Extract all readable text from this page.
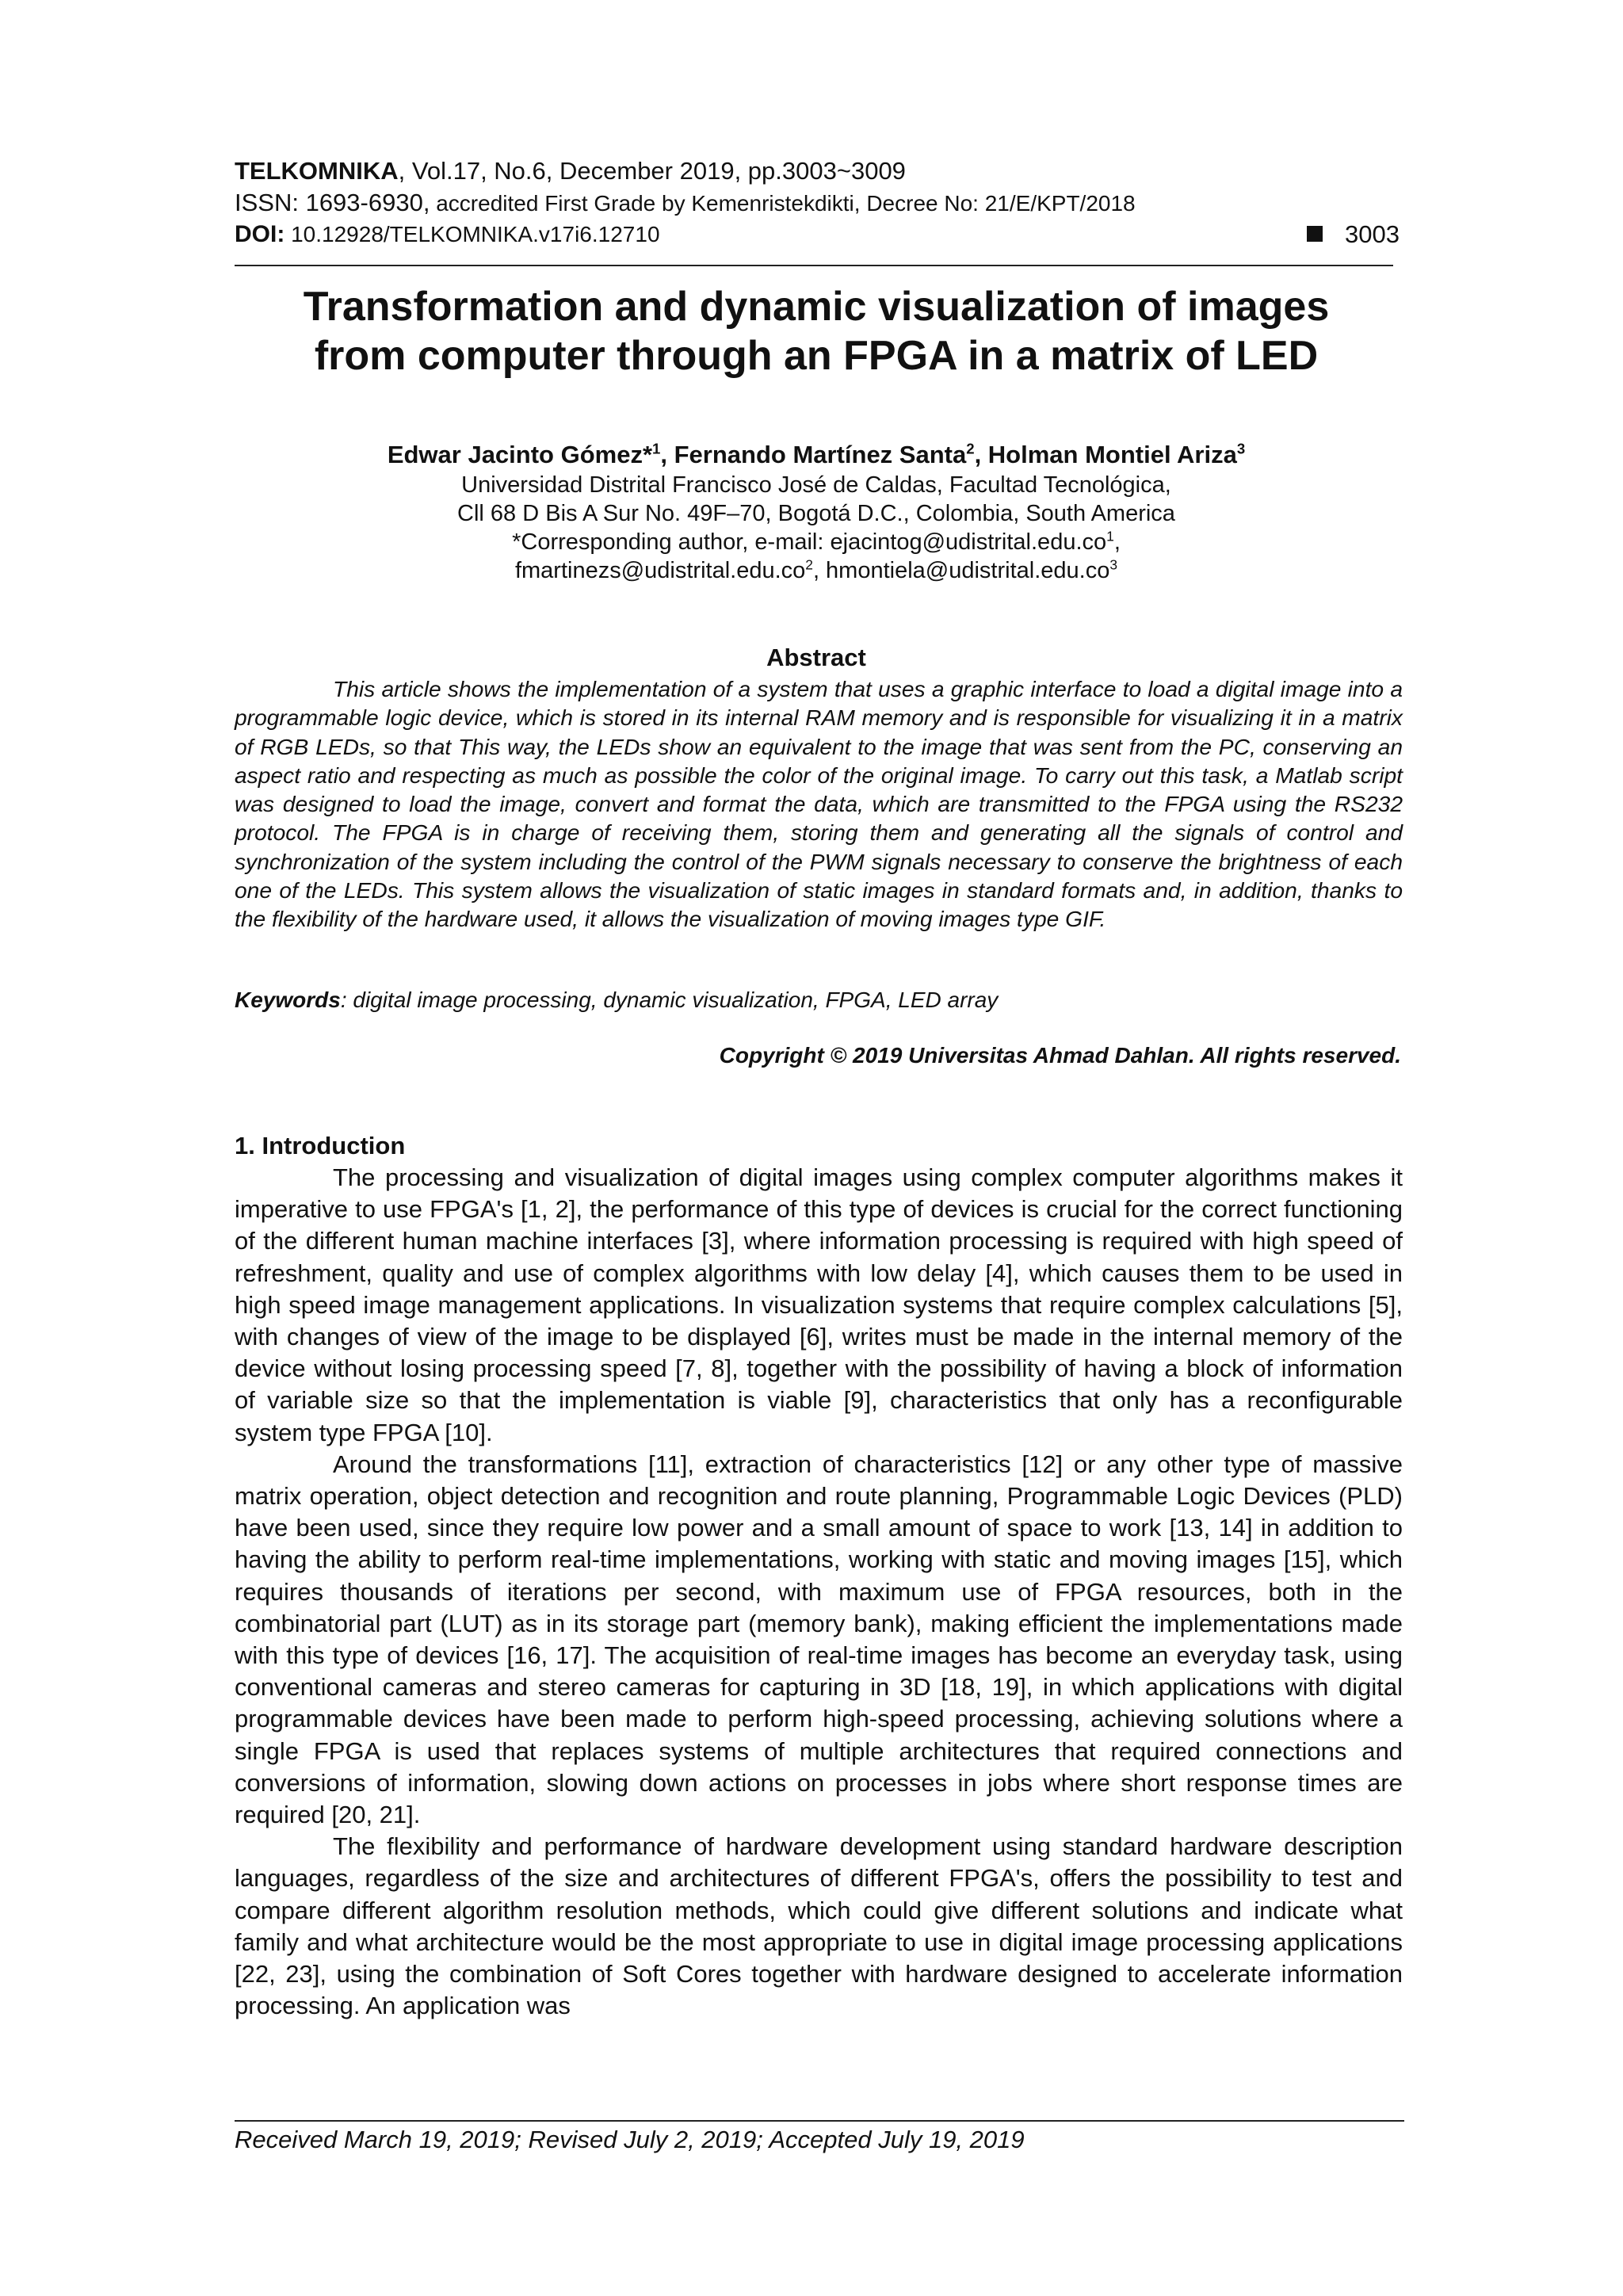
TELKOMNIKA, Vol.17, No.6, December 2019, pp.3003~3009
ISSN: 1693-6930, accredited First Grade by Kemenristekdikti, Decree No: 21/E/KPT/2018
DOI: 10.12928/TELKOMNIKA.v17i6.12710	3003
Transformation and dynamic visualization of images
from computer through an FPGA in a matrix of LED
Edwar Jacinto Gómez*$^1$, Fernando Martínez Santa$^2$, Holman Montiel Ariza$^3$
Universidad Distrital Francisco José de Caldas, Facultad Tecnológica,
Cll 68 D Bis A Sur No. 49F–70, Bogotá D.C., Colombia, South America
*Corresponding author, e-mail: $ejacintog@udistrital.edu.co^1$,
$fmartinezs@udistrital.edu.co^2$, $hmontiela@udistrital.edu.co^3$
Abstract
This article shows the implementation of a system that uses a graphic interface to load a digital image into a programmable logic device, which is stored in its internal RAM memory and is responsible for visualizing it in a matrix of RGB LEDs, so that This way, the LEDs show an equivalent to the image that was sent from the PC, conserving an aspect ratio and respecting as much as possible the color of the original image. To carry out this task, a Matlab script was designed to load the image, convert and format the data, which are transmitted to the FPGA using the RS232 protocol. The FPGA is in charge of receiving them, storing them and generating all the signals of control and synchronization of the system including the control of the PWM signals necessary to conserve the brightness of each one of the LEDs. This system allows the visualization of static images in standard formats and, in addition, thanks to the flexibility of the hardware used, it allows the visualization of moving images type GIF.
Keywords: digital image processing, dynamic visualization, FPGA, LED array
Copyright © 2019 Universitas Ahmad Dahlan. All rights reserved.
1. Introduction

The processing and visualization of digital images using complex computer algorithms makes it imperative to use FPGA's [1, 2], the performance of this type of devices is crucial for the correct functioning of the different human machine interfaces [3], where information processing is required with high speed of refreshment, quality and use of complex algorithms with low delay [4], which causes them to be used in high speed image management applications. In visualization systems that require complex calculations [5], with changes of view of the image to be displayed [6], writes must be made in the internal memory of the device without losing processing speed [7, 8], together with the possibility of having a block of information of variable size so that the implementation is viable [9], characteristics that only has a reconfigurable system type FPGA [10].

Around the transformations [11], extraction of characteristics [12] or any other type of massive matrix operation, object detection and recognition and route planning, Programmable Logic Devices (PLD) have been used, since they require low power and a small amount of space to work [13, 14] in addition to having the ability to perform real-time implementations, working with static and moving images [15], which requires thousands of iterations per second, with maximum use of FPGA resources, both in the combinatorial part (LUT) as in its storage part (memory bank), making efficient the implementations made with this type of devices [16, 17]. The acquisition of real-time images has become an everyday task, using conventional cameras and stereo cameras for capturing in 3D [18, 19], in which applications with digital programmable devices have been made to perform high-speed processing, achieving solutions where a single FPGA is used that replaces systems of multiple architectures that required connections and conversions of information, slowing down actions on processes in jobs where short response times are required [20, 21].

The flexibility and performance of hardware development using standard hardware description languages, regardless of the size and architectures of different FPGA's, offers the possibility to test and compare different algorithm resolution methods, which could give different solutions and indicate what family and what architecture would be the most appropriate to use in digital image processing applications [22, 23], using the combination of Soft Cores together with hardware designed to accelerate information processing. An application was

Received March 19, 2019; Revised July 2, 2019; Accepted July 19, 2019
